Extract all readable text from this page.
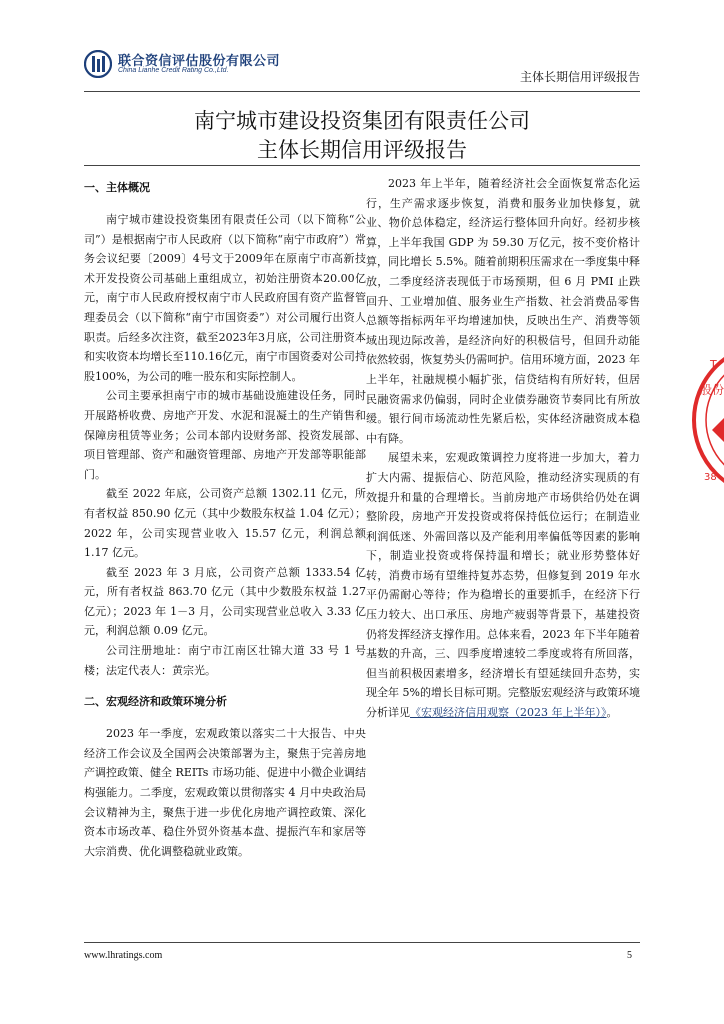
联合资信评估股份有限公司
China Lianhe Credit Rating Co.,Ltd.	主体长期信用评级报告
南宁城市建设投资集团有限责任公司
主体长期信用评级报告
一、主体概况

南宁城市建设投资集团有限责任公司（以下简称“公司”）是根据南宁市人民政府（以下简称“南宁市政府”）常务会议纪要〔2009〕4号文于2009年在原南宁市高新技术开发投资公司基础上重组成立，初始注册资本20.00亿元，南宁市人民政府授权南宁市人民政府国有资产监督管理委员会（以下简称“南宁市国资委”）对公司履行出资人职责。后经多次注资，截至2023年3月底，公司注册资本和实收资本均增长至110.16亿元，南宁市国资委对公司持股100%，为公司的唯一股东和实际控制人。

公司主要承担南宁市的城市基础设施建设任务，同时开展路桥收费、房地产开发、水泥和混凝土的生产销售和保障房租赁等业务；公司本部内设财务部、投资发展部、项目管理部、资产和融资管理部、房地产开发部等职能部门。

截至 2022 年底，公司资产总额 1302.11 亿元，所有者权益 850.90 亿元（其中少数股东权益 1.04 亿元）；2022 年，公司实现营业收入 15.57 亿元，利润总额 1.17 亿元。

截至 2023 年 3 月底，公司资产总额 1333.54 亿元，所有者权益 863.70 亿元（其中少数股东权益 1.27 亿元）；2023 年 1－3 月，公司实现营业总收入 3.33 亿元，利润总额 0.09 亿元。

公司注册地址：南宁市江南区壮锦大道 33 号 1 号楼；法定代表人：黄宗光。

二、宏观经济和政策环境分析

2023 年一季度，宏观政策以落实二十大报告、中央经济工作会议及全国两会决策部署为主，聚焦于完善房地产调控政策、健全 REITs 市场功能、促进中小微企业调结构强能力。二季度，宏观政策以贯彻落实 4 月中央政治局会议精神为主，聚焦于进一步优化房地产调控政策、深化资本市场改革、稳住外贸外资基本盘、提振汽车和家居等大宗消费、优化调整稳就业政策。

2023 年上半年，随着经济社会全面恢复常态化运行，生产需求逐步恢复，消费和服务业加快修复，就业、物价总体稳定，经济运行整体回升向好。经初步核算，上半年我国 GDP 为 59.30 万亿元，按不变价格计算，同比增长 5.5%。随着前期积压需求在一季度集中释放，二季度经济表现低于市场预期，但 6 月 PMI 止跌回升、工业增加值、服务业生产指数、社会消费品零售总额等指标两年平均增速加快，反映出生产、消费等领域出现边际改善，是经济向好的积极信号，但回升动能依然较弱，恢复势头仍需呵护。信用环境方面，2023 年上半年，社融规模小幅扩张，信贷结构有所好转，但居民融资需求仍偏弱，同时企业债券融资节奏同比有所放缓。银行间市场流动性先紧后松，实体经济融资成本稳中有降。

展望未来，宏观政策调控力度将进一步加大，着力扩大内需、提振信心、防范风险，推动经济实现质的有效提升和量的合理增长。当前房地产市场供给仍处在调整阶段，房地产开发投资或将保持低位运行；在制造业利润低迷、外需回落以及产能利用率偏低等因素的影响下，制造业投资或将保持温和增长；就业形势整体好转，消费市场有望维持复苏态势，但修复到 2019 年水平仍需耐心等待；作为稳增长的重要抓手，在经济下行压力较大、出口承压、房地产疲弱等背景下，基建投资仍将发挥经济支撑作用。总体来看，2023 年下半年随着基数的升高，三、四季度增速较二季度或将有所回落，但当前积极因素增多，经济增长有望延续回升态势，实现全年 5%的增长目标可期。完整版宏观经济与政策环境分析详见《宏观经济信用观察（2023 年上半年）》。

www.lhratings.com	5
T
股份
38
